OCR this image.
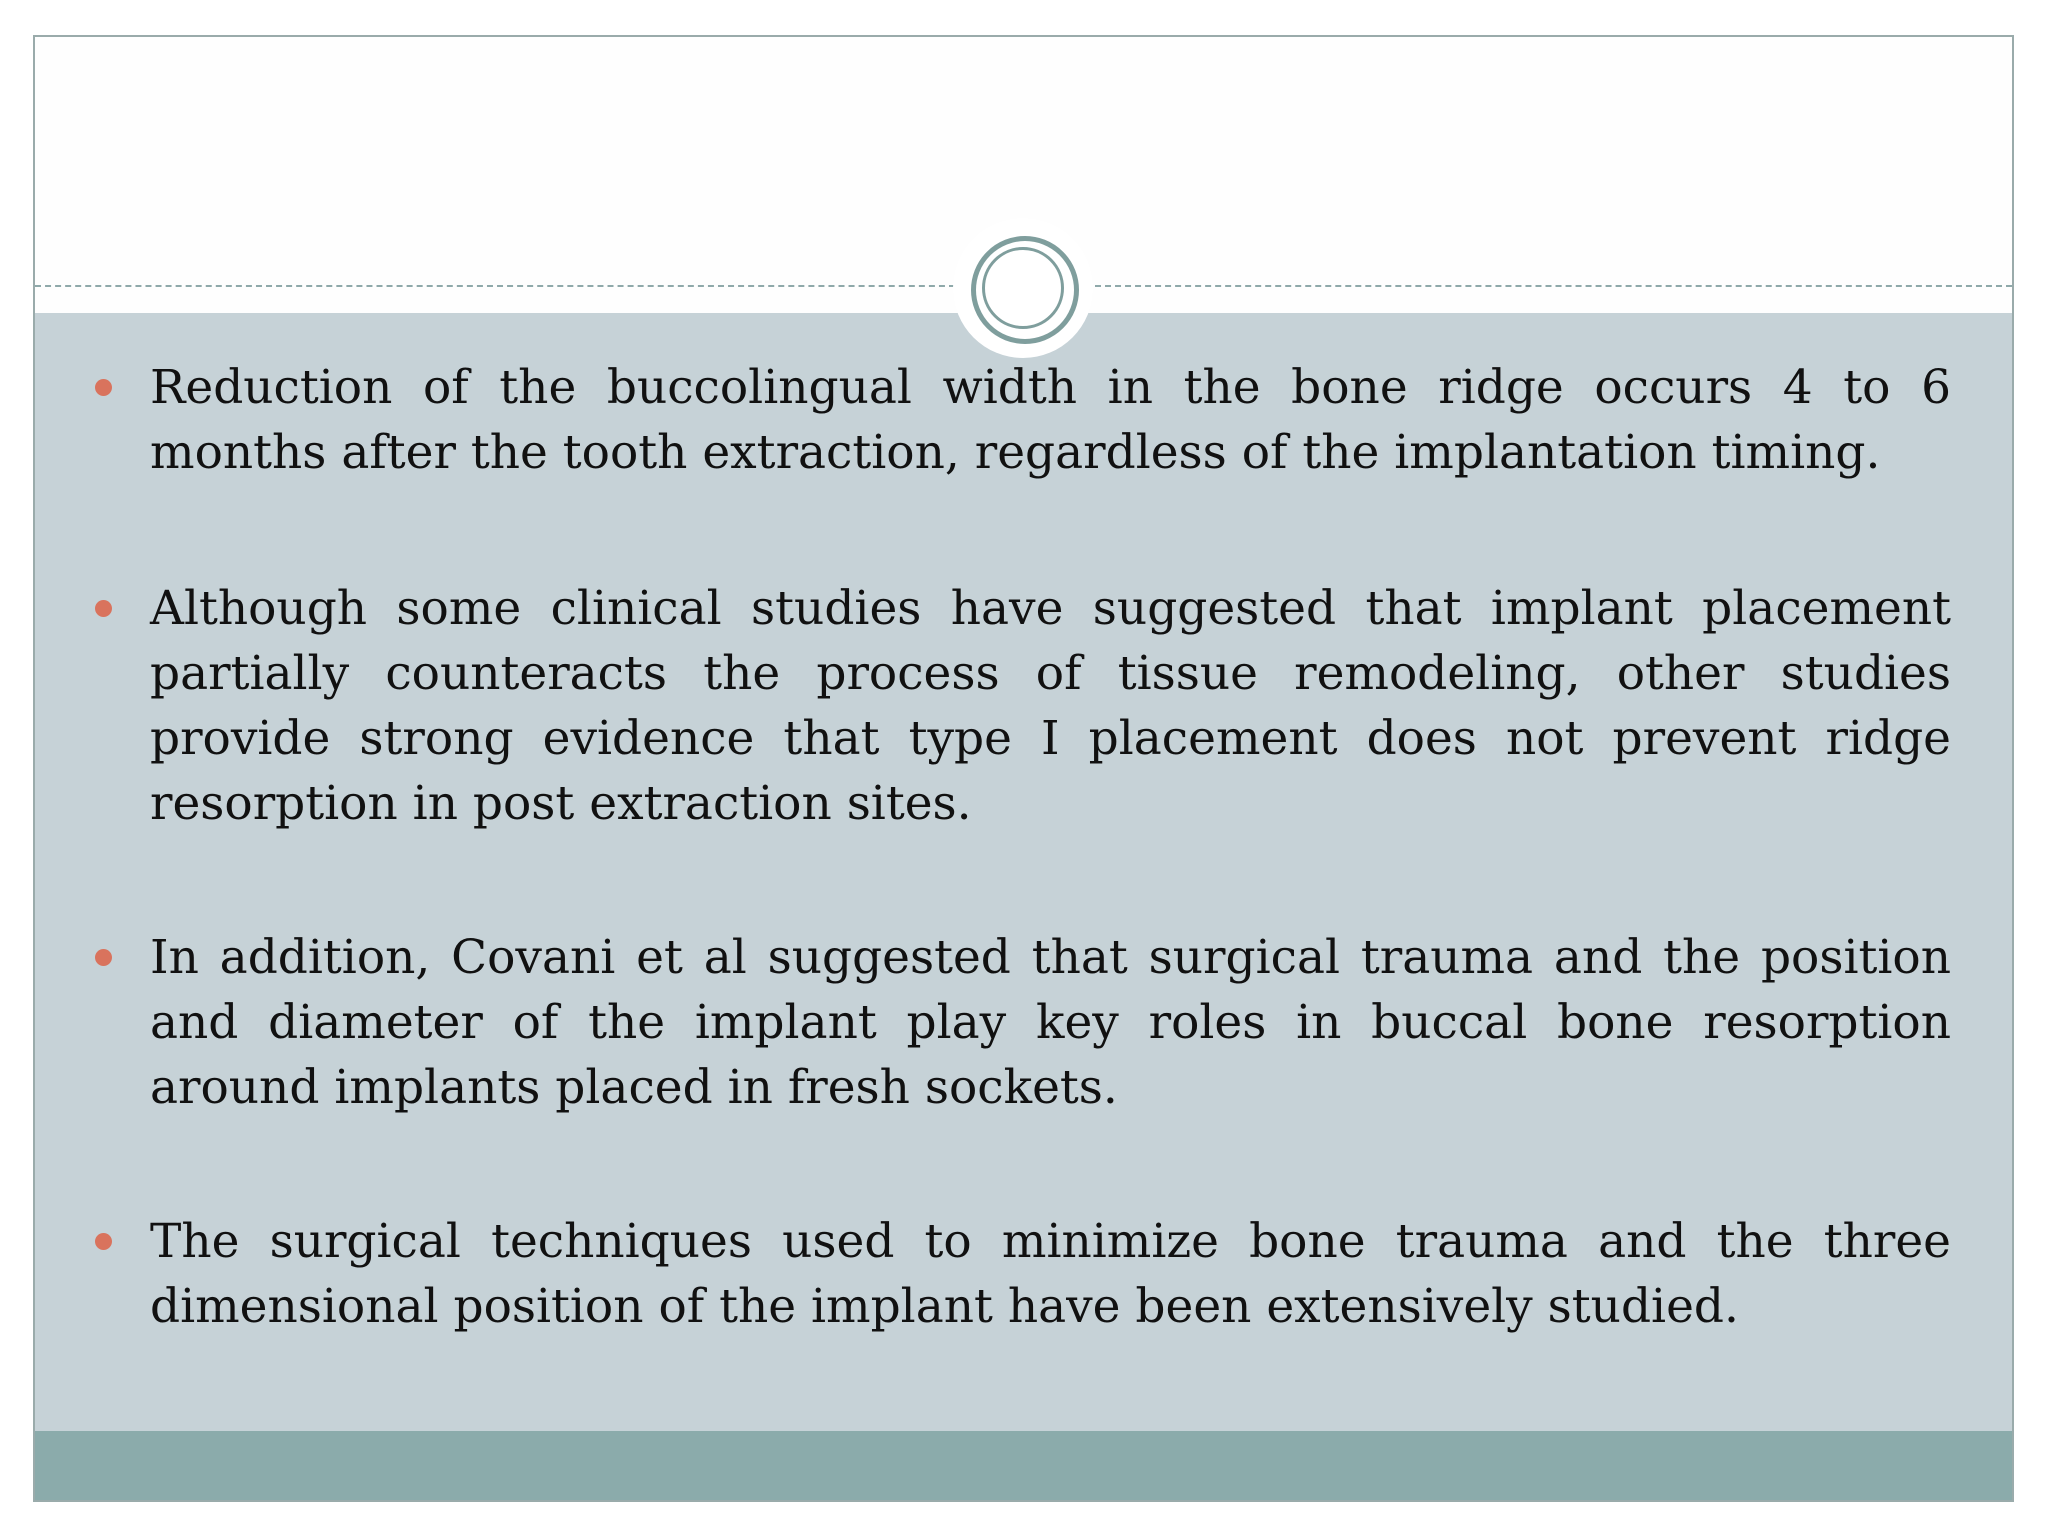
Reduction of the buccolingual width in the bone ridge occurs 4 to 6 months after the tooth extraction, regardless of the implantation timing.
Although some clinical studies have suggested that implant placement partially counteracts the process of tissue remodeling, other studies provide strong evidence that type I placement does not prevent ridge resorption in post extraction sites.
In addition, Covani et al suggested that surgical trauma and the position and diameter of the implant play key roles in buccal bone resorption around implants placed in fresh sockets.
The surgical techniques used to minimize bone trauma and the three dimensional position of the implant have been extensively studied.
